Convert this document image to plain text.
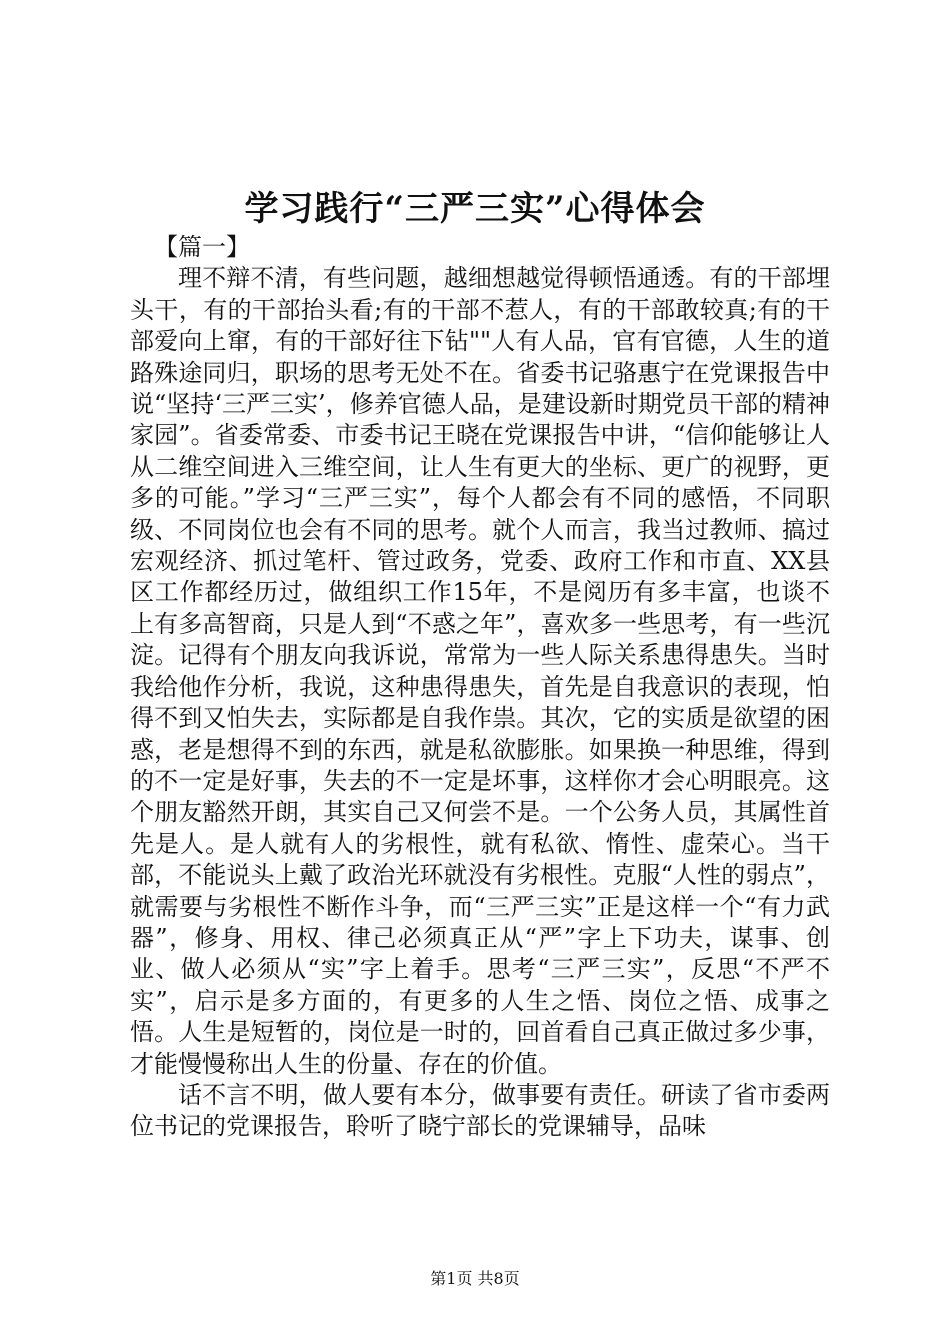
学习践行“三严三实”心得体会

【篇一】

理不辩不清，有些问题，越细想越觉得顿悟通透。有的干部埋头干，有的干部抬头看;有的干部不惹人，有的干部敢较真;有的干部爱向上窜，有的干部好往下钻""人有人品，官有官德，人生的道路殊途同归，职场的思考无处不在。省委书记骆惠宁在党课报告中说“坚持‘三严三实’，修养官德人品，是建设新时期党员干部的精神家园”。省委常委、市委书记王晓在党课报告中讲，“信仰能够让人从二维空间进入三维空间，让人生有更大的坐标、更广的视野，更多的可能。”学习“三严三实”，每个人都会有不同的感悟，不同职级、不同岗位也会有不同的思考。就个人而言，我当过教师、搞过宏观经济、抓过笔杆、管过政务，党委、政府工作和市直、XX县区工作都经历过，做组织工作15年，不是阅历有多丰富，也谈不上有多高智商，只是人到“不惑之年”，喜欢多一些思考，有一些沉淀。记得有个朋友向我诉说，常常为一些人际关系患得患失。当时我给他作分析，我说，这种患得患失，首先是自我意识的表现，怕得不到又怕失去，实际都是自我作祟。其次，它的实质是欲望的困惑，老是想得不到的东西，就是私欲膨胀。如果换一种思维，得到的不一定是好事，失去的不一定是坏事，这样你才会心明眼亮。这个朋友豁然开朗，其实自己又何尝不是。一个公务人员，其属性首先是人。是人就有人的劣根性，就有私欲、惰性、虚荣心。当干部，不能说头上戴了政治光环就没有劣根性。克服“人性的弱点”，就需要与劣根性不断作斗争，而“三严三实”正是这样一个“有力武器”，修身、用权、律己必须真正从“严”字上下功夫，谋事、创业、做人必须从“实”字上着手。思考“三严三实”，反思“不严不实”，启示是多方面的，有更多的人生之悟、岗位之悟、成事之悟。人生是短暂的，岗位是一时的，回首看自己真正做过多少事，才能慢慢称出人生的份量、存在的价值。

话不言不明，做人要有本分，做事要有责任。研读了省市委两位书记的党课报告，聆听了晓宁部长的党课辅导，品味

第1页 共8页
